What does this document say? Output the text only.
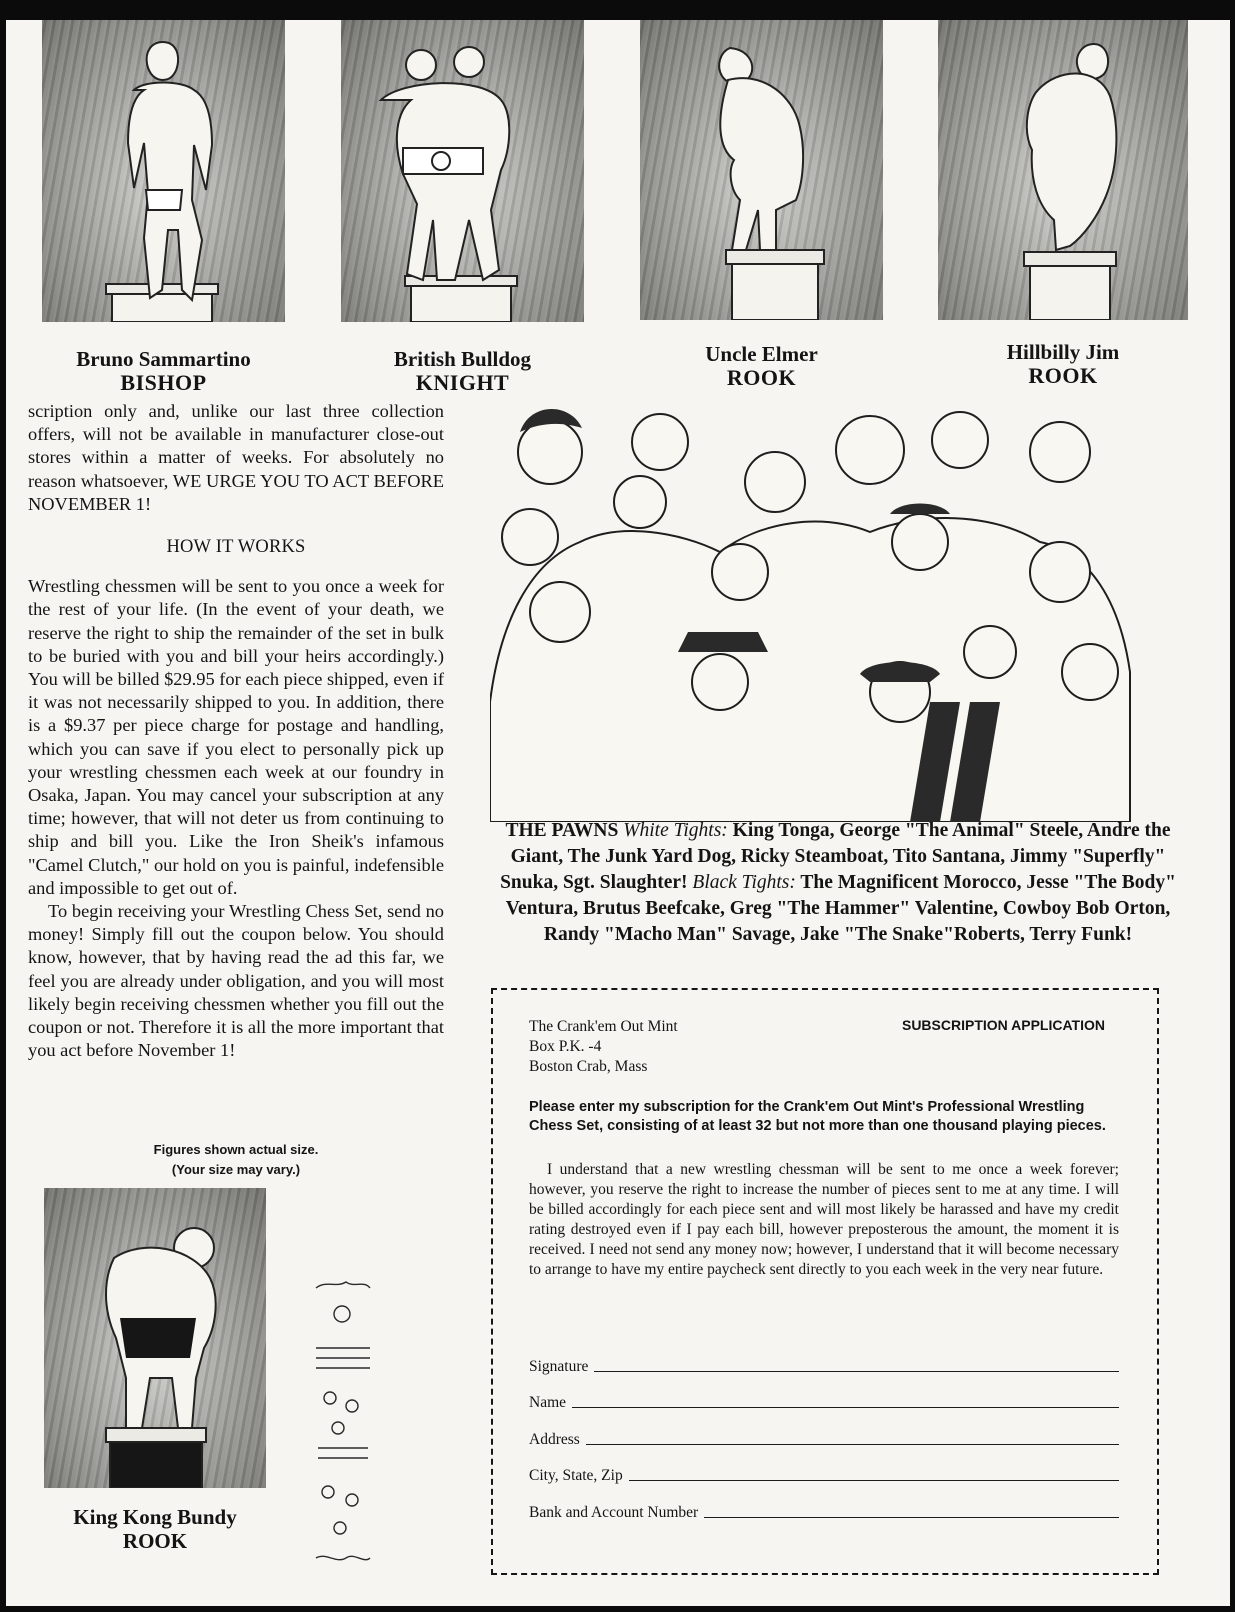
Bruno Sammartino
BISHOP
British Bulldog
KNIGHT
Uncle Elmer
ROOK
Hillbilly Jim
ROOK

scription only and, unlike our last three collection offers, will not be available in manufacturer close-out stores within a matter of weeks. For absolutely no reason whatsoever, WE URGE YOU TO ACT BEFORE NOVEMBER 1!

HOW IT WORKS

Wrestling chessmen will be sent to you once a week for the rest of your life. (In the event of your death, we reserve the right to ship the remainder of the set in bulk to be buried with you and bill your heirs accordingly.) You will be billed $29.95 for each piece shipped, even if it was not necessarily shipped to you. In addition, there is a $9.37 per piece charge for postage and handling, which you can save if you elect to personally pick up your wrestling chessmen each week at our foundry in Osaka, Japan. You may cancel your subscription at any time; however, that will not deter us from continuing to ship and bill you. Like the Iron Sheik's infamous "Camel Clutch," our hold on you is painful, indefensible and impossible to get out of.

To begin receiving your Wrestling Chess Set, send no money! Simply fill out the coupon below. You should know, however, that by having read the ad this far, we feel you are already under obligation, and you will most likely begin receiving chessmen whether you fill out the coupon or not. Therefore it is all the more important that you act before November 1!

Figures shown actual size.
(Your size may vary.)
THE PAWNS White Tights: King Tonga, George "The Animal" Steele, Andre the Giant, The Junk Yard Dog, Ricky Steamboat, Tito Santana, Jimmy "Superfly" Snuka, Sgt. Slaughter! Black Tights: The Magnificent Morocco, Jesse "The Body" Ventura, Brutus Beefcake, Greg "The Hammer" Valentine, Cowboy Bob Orton, Randy "Macho Man" Savage, Jake "The Snake"Roberts, Terry Funk!
The Crank'em Out Mint
Box P.K. -4
Boston Crab, Mass
SUBSCRIPTION APPLICATION
Please enter my subscription for the Crank'em Out Mint's Professional Wrestling Chess Set, consisting of at least 32 but not more than one thousand playing pieces.

I understand that a new wrestling chessman will be sent to me once a week forever; however, you reserve the right to increase the number of pieces sent to me at any time. I will be billed accordingly for each piece sent and will most likely be harassed and have my credit rating destroyed even if I pay each bill, however preposterous the amount, the moment it is received. I need not send any money now; however, I understand that it will become necessary to arrange to have my entire paycheck sent directly to you each week in the very near future.

Signature
Name
Address
City, State, Zip
Bank and Account Number
King Kong Bundy
ROOK
